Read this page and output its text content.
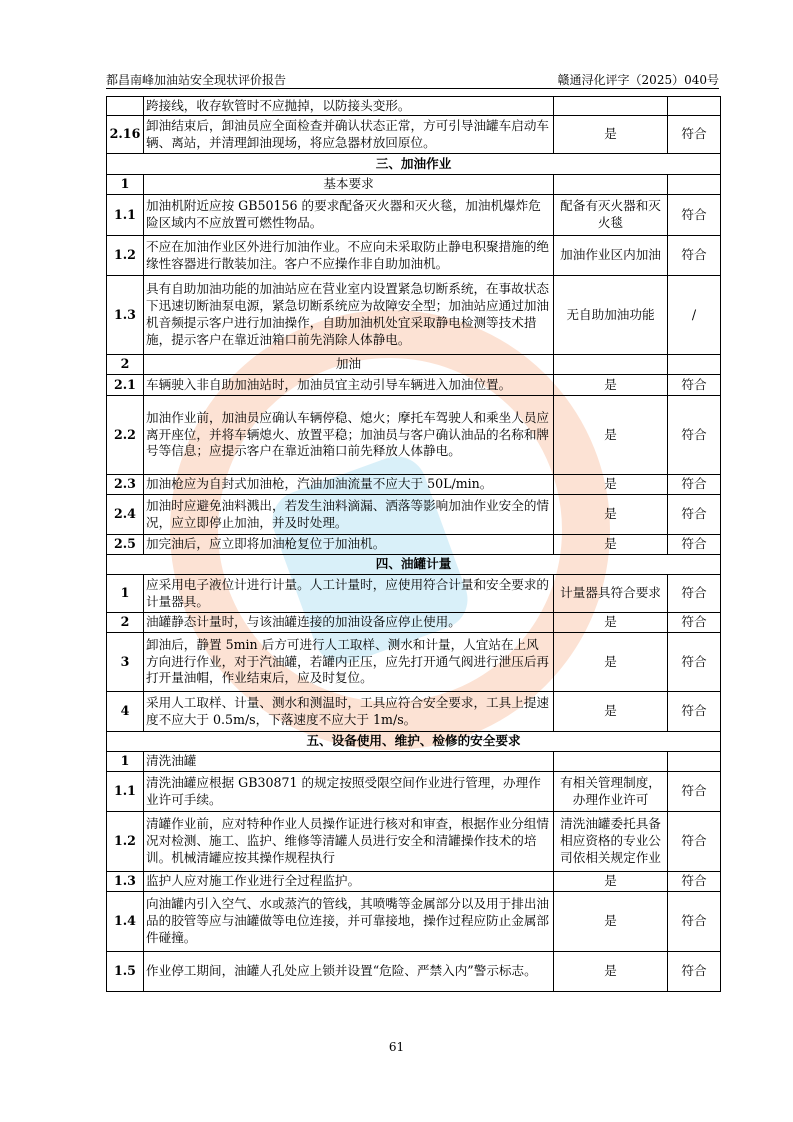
都昌南峰加油站安全现状评价报告	赣通浔化评字（2025）040号
	跨接线，收存软管时不应抛掉，以防接头变形。		
2.16	卸油结束后，卸油员应全面检查并确认状态正常，方可引导油罐车启动车辆、离站，并清理卸油现场，将应急器材放回原位。	是	符合
三、加油作业			
1	基本要求		
1.1	加油机附近应按 GB50156 的要求配备灭火器和灭火毯，加油机爆炸危险区域内不应放置可燃性物品。	配备有灭火器和灭火毯	符合
1.2	不应在加油作业区外进行加油作业。不应向未采取防止静电积聚措施的绝缘性容器进行散装加注。客户不应操作非自助加油机。	加油作业区内加油	符合
1.3	具有自助加油功能的加油站应在营业室内设置紧急切断系统，在事故状态下迅速切断油泵电源，紧急切断系统应为故障安全型；加油站应通过加油机音频提示客户进行加油操作，自助加油机处宜采取静电检测等技术措施，提示客户在靠近油箱口前先消除人体静电。	无自助加油功能	/
2	加油		
2.1	车辆驶入非自助加油站时，加油员宜主动引导车辆进入加油位置。	是	符合
2.2	加油作业前，加油员应确认车辆停稳、熄火；摩托车驾驶人和乘坐人员应离开座位，并将车辆熄火、放置平稳；加油员与客户确认油品的名称和牌号等信息；应提示客户在靠近油箱口前先释放人体静电。	是	符合
2.3	加油枪应为自封式加油枪，汽油加油流量不应大于 50L/min。	是	符合
2.4	加油时应避免油料溅出，若发生油料滴漏、洒落等影响加油作业安全的情况，应立即停止加油，并及时处理。	是	符合
2.5	加完油后，应立即将加油枪复位于加油机。	是	符合
四、油罐计量			
1	应采用电子液位计进行计量。人工计量时，应使用符合计量和安全要求的计量器具。	计量器具符合要求	符合
2	油罐静态计量时，与该油罐连接的加油设备应停止使用。	是	符合
3	卸油后，静置 5min 后方可进行人工取样、测水和计量，人宜站在上风方向进行作业，对于汽油罐，若罐内正压，应先打开通气阀进行泄压后再打开量油帽，作业结束后，应及时复位。	是	符合
4	采用人工取样、计量、测水和测温时，工具应符合安全要求，工具上提速度不应大于 0.5m/s，下落速度不应大于 1m/s。	是	符合
五、设备使用、维护、检修的安全要求			
1	清洗油罐		
1.1	清洗油罐应根据 GB30871 的规定按照受限空间作业进行管理，办理作业许可手续。	有相关管理制度，办理作业许可	符合
1.2	清罐作业前，应对特种作业人员操作证进行核对和审查，根据作业分组情况对检测、施工、监护、维修等清罐人员进行安全和清罐操作技术的培训。机械清罐应按其操作规程执行	清洗油罐委托具备相应资格的专业公司依相关规定作业	符合
1.3	监护人应对施工作业进行全过程监护。	是	符合
1.4	向油罐内引入空气、水或蒸汽的管线，其喷嘴等金属部分以及用于排出油品的胶管等应与油罐做等电位连接，并可靠接地，操作过程应防止金属部件碰撞。	是	符合
1.5	作业停工期间，油罐人孔处应上锁并设置“危险、严禁入内”警示标志。	是	符合
61
